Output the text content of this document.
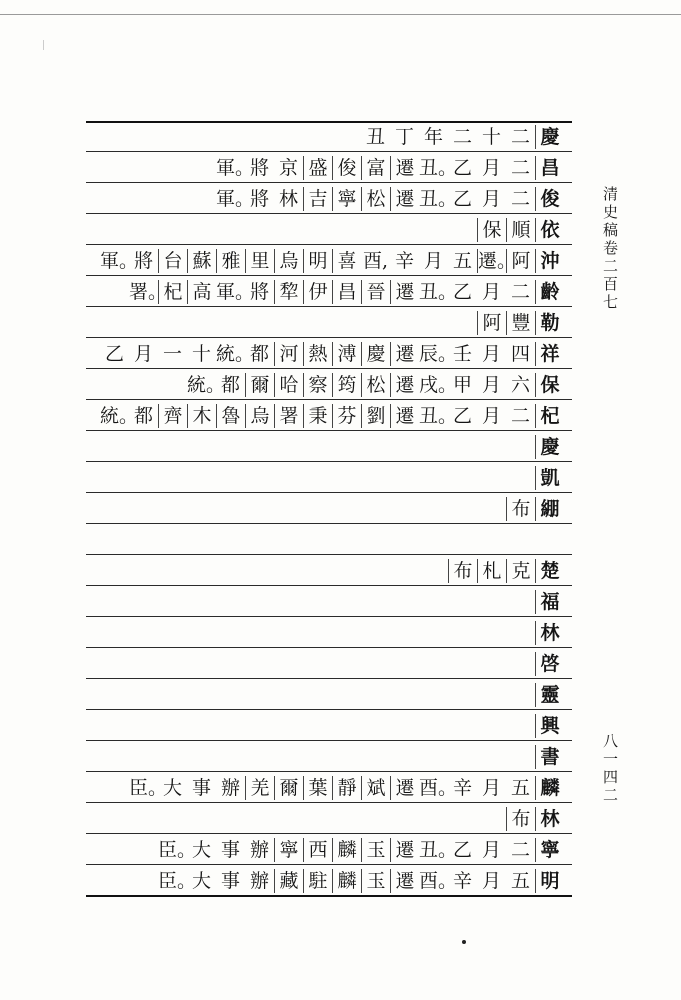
慶
二
十
二
年
丁
丑
昌
二
月
乙
丑。
遷
富
俊
盛
京
將
軍。
俊
二
月
乙
丑。
遷
松
寧
吉
林
將
軍。
依
順
保
沖
阿
遷。
五
月
辛
酉,
喜
明
烏
里
雅
蘇
台
將
軍。
齡
二
月
乙
丑。
遷
晉
昌
伊
犂
將
軍。
高
杞
署。
勒
豐
阿
祥
四
月
壬
辰。
遷
慶
溥
熱
河
都
統。
十
一
月
乙
保
六
月
甲
戌。
遷
松
筠
察
哈
爾
都
統。
杞
二
月
乙
丑。
遷
劉
芬
秉
署
烏
魯
木
齊
都
統。
慶
凱
綳
布
楚
克
札
布
福
林
啓
靈
興
書
麟
五
月
辛
酉。
遷
斌
靜
葉
爾
羌
辦
事
大
臣。
林
布
寧
二
月
乙
丑。
遷
玉
麟
西
寧
辦
事
大
臣。
明
五
月
辛
酉。
遷
玉
麟
駐
藏
辦
事
大
臣。
清史稿卷二百七
八一四二
